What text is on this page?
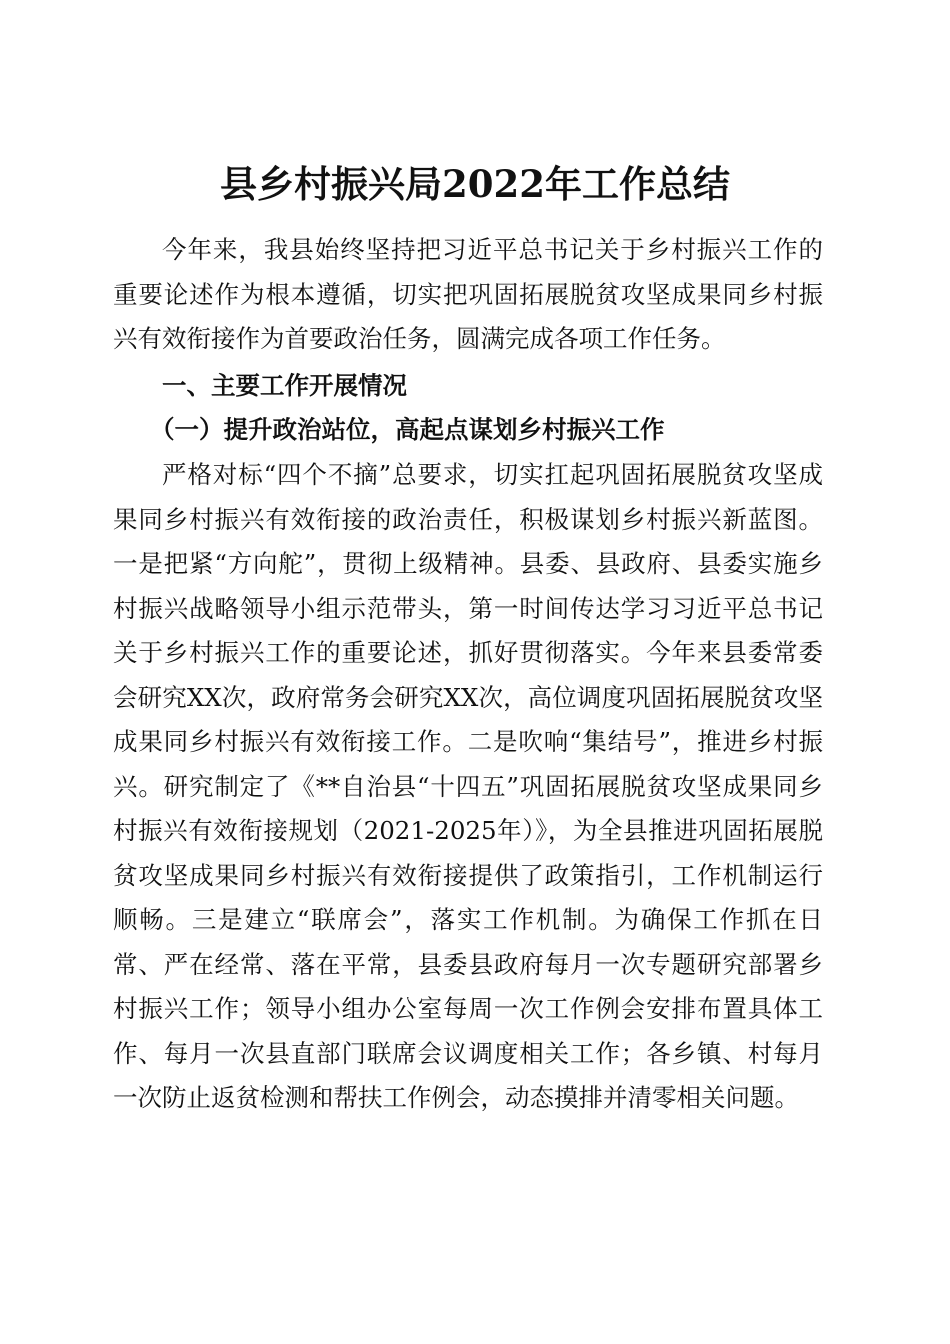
县乡村振兴局2022年工作总结

今年来，我县始终坚持把习近平总书记关于乡村振兴工作的重要论述作为根本遵循，切实把巩固拓展脱贫攻坚成果同乡村振兴有效衔接作为首要政治任务，圆满完成各项工作任务。

一、主要工作开展情况
（一）提升政治站位，高起点谋划乡村振兴工作

严格对标“四个不摘”总要求，切实扛起巩固拓展脱贫攻坚成果同乡村振兴有效衔接的政治责任，积极谋划乡村振兴新蓝图。一是把紧“方向舵”，贯彻上级精神。县委、县政府、县委实施乡村振兴战略领导小组示范带头，第一时间传达学习习近平总书记关于乡村振兴工作的重要论述，抓好贯彻落实。今年来县委常委会研究XX次，政府常务会研究XX次，高位调度巩固拓展脱贫攻坚成果同乡村振兴有效衔接工作。二是吹响“集结号”，推进乡村振兴。研究制定了《**自治县“十四五”巩固拓展脱贫攻坚成果同乡村振兴有效衔接规划（2021-2025年）》，为全县推进巩固拓展脱贫攻坚成果同乡村振兴有效衔接提供了政策指引，工作机制运行顺畅。三是建立“联席会”，落实工作机制。为确保工作抓在日常、严在经常、落在平常，县委县政府每月一次专题研究部署乡村振兴工作；领导小组办公室每周一次工作例会安排布置具体工作、每月一次县直部门联席会议调度相关工作；各乡镇、村每月一次防止返贫检测和帮扶工作例会，动态摸排并清零相关问题。
